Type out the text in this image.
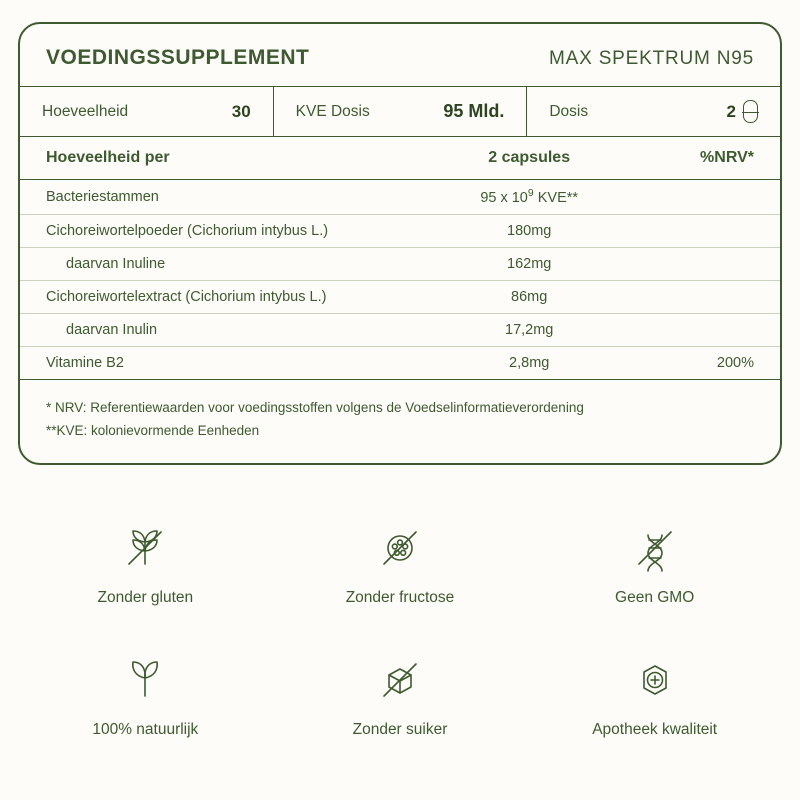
VOEDINGSSUPPLEMENT	MAX SPEKTRUM N95
Hoeveelheid	30	KVE Dosis	95 Mld.	Dosis	2
Hoeveelheid per	2 capsules	%NRV*
Bacteriestammen	95 x $10^9$ KVE**	
Cichoreiwortelpoeder (Cichorium intybus L.)	180mg	
daarvan Inuline	162mg	
Cichoreiwortelextract (Cichorium intybus L.)	86mg	
daarvan Inulin	17,2mg	
Vitamine B2	2,8mg	200%
* NRV: Referentiewaarden voor voedingsstoffen volgens de Voedselinformatieverordening
**KVE: kolonievormende Eenheden
Zonder gluten	Zonder fructose	Geen GMO
100% natuurlijk	Zonder suiker	Apotheek kwaliteit
